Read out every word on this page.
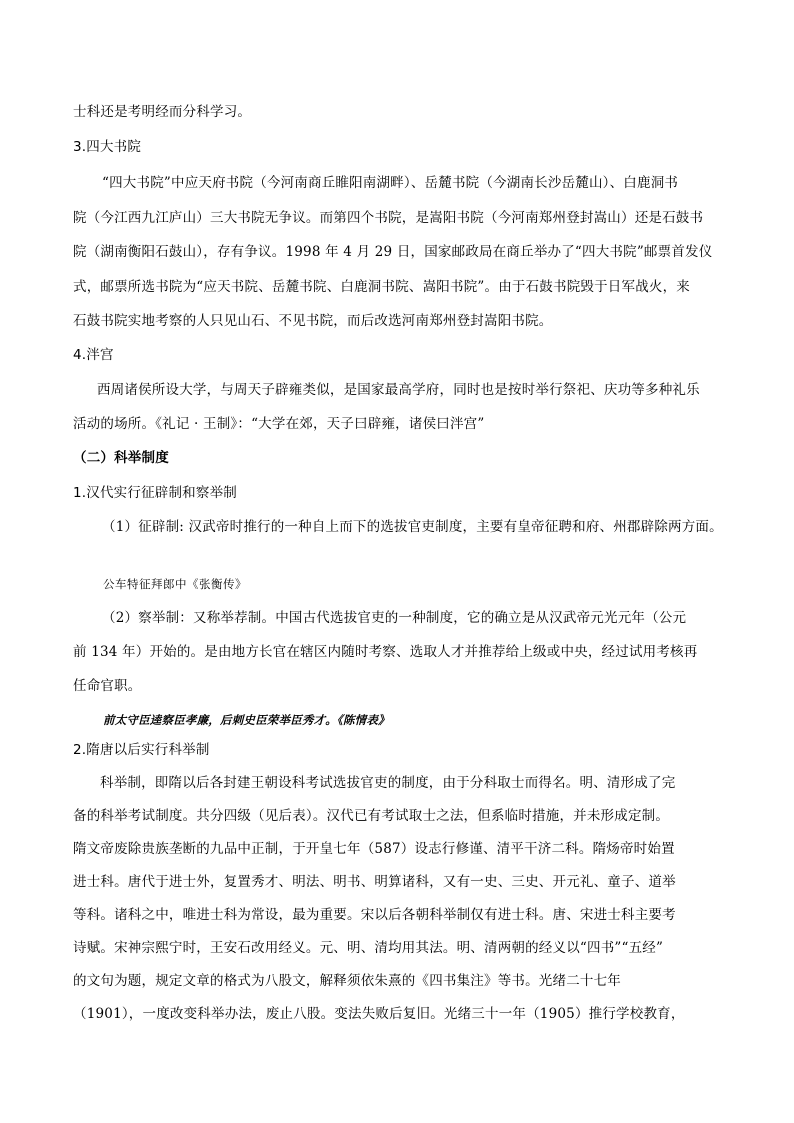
士科还是考明经而分科学习。
3.四大书院
“四大书院”中应天府书院（今河南商丘睢阳南湖畔）、岳麓书院（今湖南长沙岳麓山）、白鹿洞书
院（今江西九江庐山）三大书院无争议。而第四个书院，是嵩阳书院（今河南郑州登封嵩山）还是石鼓书
院（湖南衡阳石鼓山），存有争议。1998 年 4 月 29 日，国家邮政局在商丘举办了“四大书院”邮票首发仪
式，邮票所选书院为“应天书院、岳麓书院、白鹿洞书院、嵩阳书院”。由于石鼓书院毁于日军战火，来
石鼓书院实地考察的人只见山石、不见书院，而后改选河南郑州登封嵩阳书院。
4.泮宫
西周诸侯所设大学，与周天子辟雍类似，是国家最高学府，同时也是按时举行祭祀、庆功等多种礼乐
活动的场所。《礼记 · 王制》：“大学在郊，天子曰辟雍，诸侯曰泮宫”
（二）科举制度
1.汉代实行征辟制和察举制
（1）征辟制: 汉武帝时推行的一种自上而下的选拔官吏制度，主要有皇帝征聘和府、州郡辟除两方面。
公车特征拜郎中《张衡传》
（2）察举制：又称举荐制。中国古代选拔官吏的一种制度，它的确立是从汉武帝元光元年（公元
前 134 年）开始的。是由地方长官在辖区内随时考察、选取人才并推荐给上级或中央，经过试用考核再
任命官职。
前太守臣逵察臣孝廉，后刺史臣荣举臣秀才。《陈情表》
2.隋唐以后实行科举制
科举制，即隋以后各封建王朝设科考试选拔官吏的制度，由于分科取士而得名。明、清形成了完
备的科举考试制度。共分四级（见后表）。汉代已有考试取士之法，但系临时措施，并未形成定制。
隋文帝废除贵族垄断的九品中正制，于开皇七年（587）设志行修谨、清平干济二科。隋炀帝时始置
进士科。唐代于进士外，复置秀才、明法、明书、明算诸科，又有一史、三史、开元礼、童子、道举
等科。诸科之中，唯进士科为常设，最为重要。宋以后各朝科举制仅有进士科。唐、宋进士科主要考
诗赋。宋神宗熙宁时，王安石改用经义。元、明、清均用其法。明、清两朝的经义以“四书”“五经”
的文句为题，规定文章的格式为八股文，解释须依朱熹的《四书集注》等书。光绪二十七年
（1901），一度改变科举办法，废止八股。变法失败后复旧。光绪三十一年（1905）推行学校教育，
